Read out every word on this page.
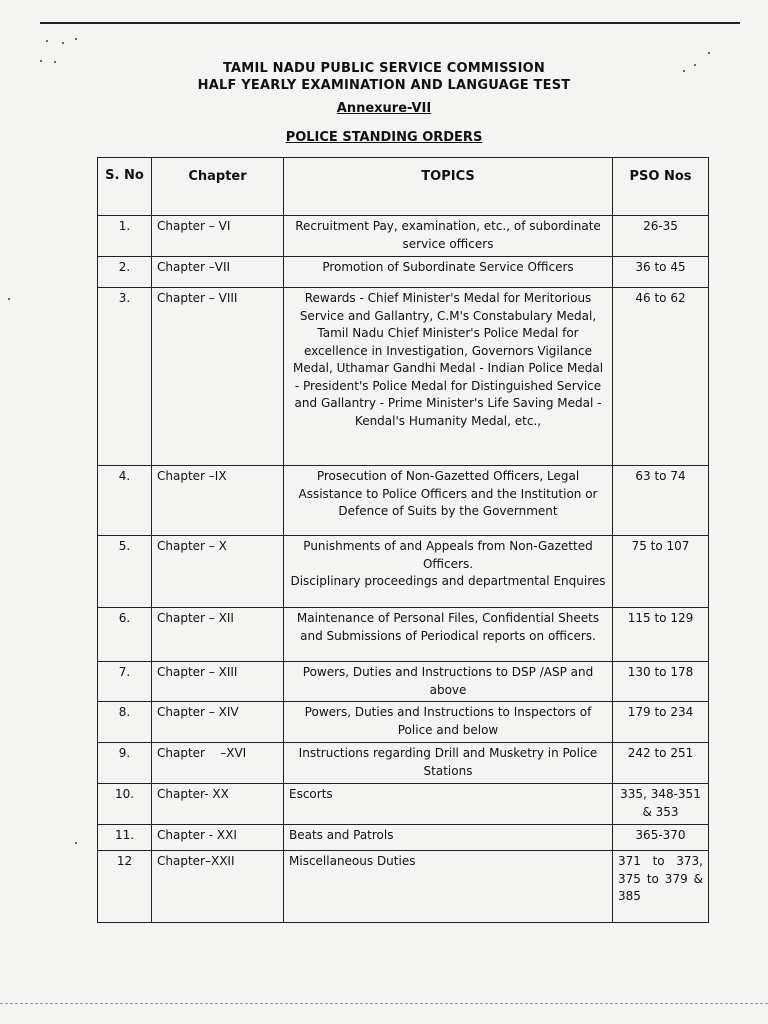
TAMIL NADU PUBLIC SERVICE COMMISSION
HALF YEARLY EXAMINATION AND LANGUAGE TEST
Annexure-VII
POLICE STANDING ORDERS
S. No	Chapter	TOPICS	PSO Nos
1.	Chapter – VI	Recruitment Pay, examination, etc., of subordinate service officers	26-35
2.	Chapter –VII	Promotion of Subordinate Service Officers	36 to 45
3.	Chapter – VIII	Rewards - Chief Minister's Medal for Meritorious Service and Gallantry, C.M's Constabulary Medal, Tamil Nadu Chief Minister's Police Medal for excellence in Investigation, Governors Vigilance Medal, Uthamar Gandhi Medal - Indian Police Medal - President's Police Medal for Distinguished Service and Gallantry - Prime Minister's Life Saving Medal - Kendal's Humanity Medal, etc.,	46 to 62
4.	Chapter –IX	Prosecution of Non-Gazetted Officers, Legal Assistance to Police Officers and the Institution or Defence of Suits by the Government	63 to 74
5.	Chapter – X	Punishments of and Appeals from Non-Gazetted Officers.
Disciplinary proceedings and departmental Enquires	75 to 107
6.	Chapter – XII	Maintenance of Personal Files, Confidential Sheets and Submissions of Periodical reports on officers.	115 to 129
7.	Chapter – XIII	Powers, Duties and Instructions to DSP /ASP and above	130 to 178
8.	Chapter – XIV	Powers, Duties and Instructions to Inspectors of Police and below	179 to 234
9.	Chapter    –XVI	Instructions regarding Drill and Musketry in Police Stations	242 to 251
10.	Chapter- XX	Escorts	335, 348-351 & 353
11.	Chapter - XXI	Beats and Patrols	365-370
12	Chapter–XXII	Miscellaneous Duties	371 to 373, 375 to 379 & 385
